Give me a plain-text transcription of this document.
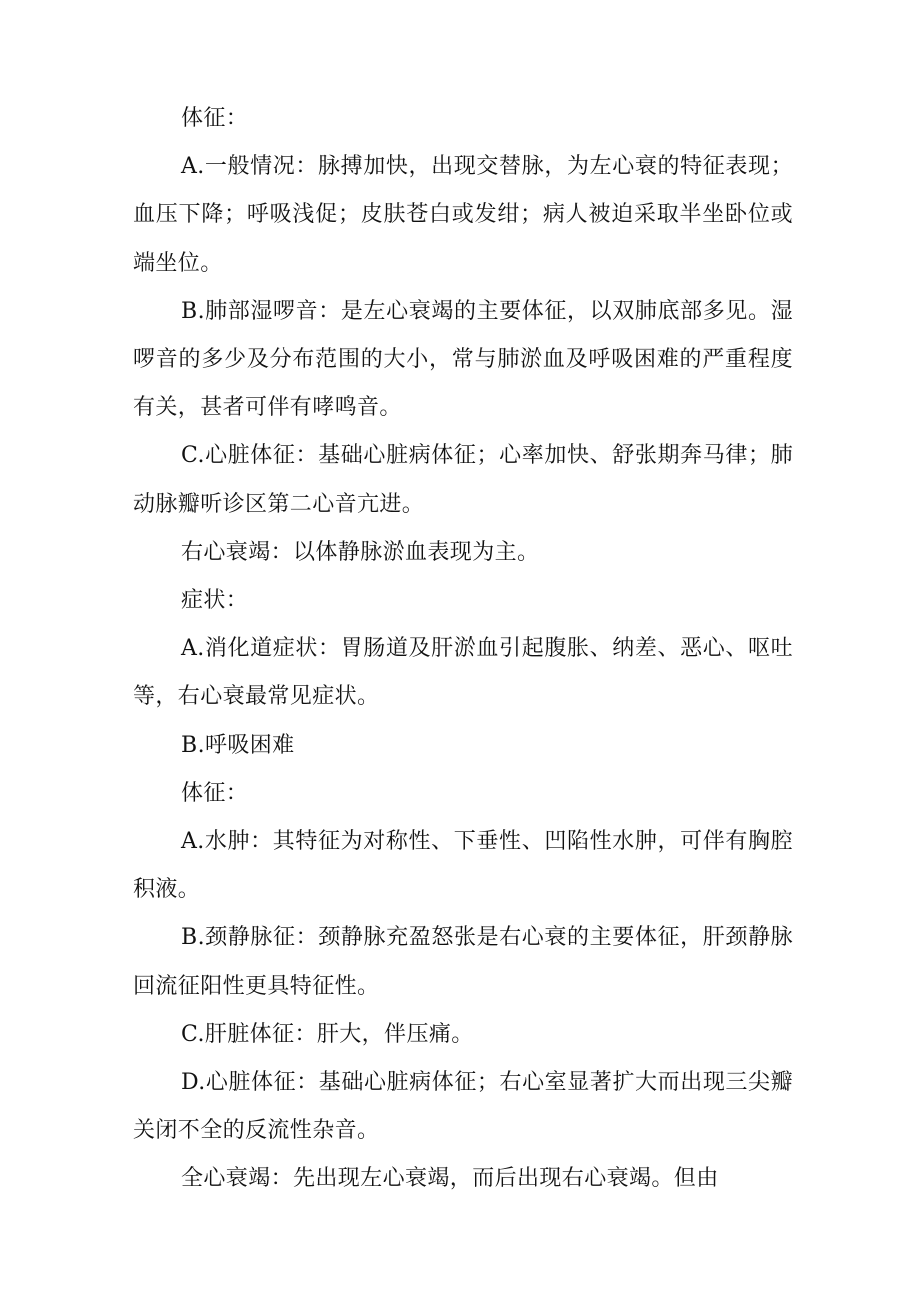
体征：

A.一般情况：脉搏加快，出现交替脉，为左心衰的特征表现；血压下降；呼吸浅促；皮肤苍白或发绀；病人被迫采取半坐卧位或端坐位。

B.肺部湿啰音：是左心衰竭的主要体征，以双肺底部多见。湿啰音的多少及分布范围的大小，常与肺淤血及呼吸困难的严重程度有关，甚者可伴有哮鸣音。

C.心脏体征：基础心脏病体征；心率加快、舒张期奔马律；肺动脉瓣听诊区第二心音亢进。

右心衰竭：以体静脉淤血表现为主。

症状：

A.消化道症状：胃肠道及肝淤血引起腹胀、纳差、恶心、呕吐等，右心衰最常见症状。

B.呼吸困难

体征：

A.水肿：其特征为对称性、下垂性、凹陷性水肿，可伴有胸腔积液。

B.颈静脉征：颈静脉充盈怒张是右心衰的主要体征，肝颈静脉回流征阳性更具特征性。

C.肝脏体征：肝大，伴压痛。

D.心脏体征：基础心脏病体征；右心室显著扩大而出现三尖瓣关闭不全的反流性杂音。

全心衰竭：先出现左心衰竭，而后出现右心衰竭。但由
